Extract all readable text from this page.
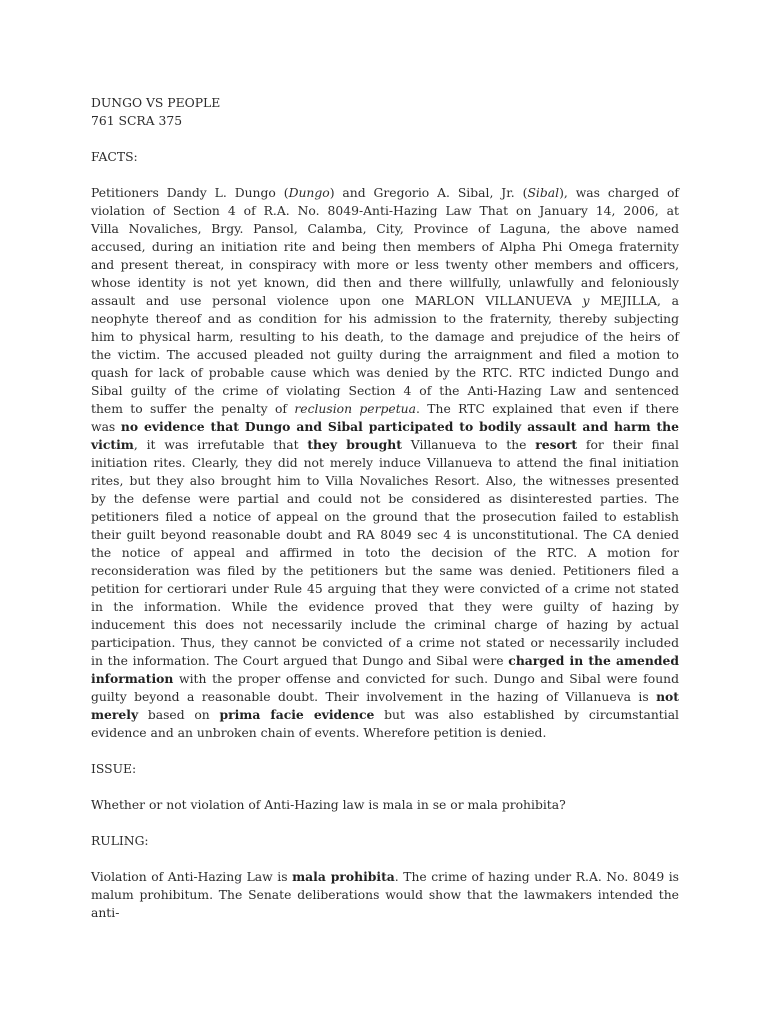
DUNGO VS PEOPLE
761 SCRA 375
FACTS:
Petitioners Dandy L. Dungo (Dungo) and Gregorio A. Sibal, Jr. (Sibal), was charged of
violation of Section 4 of R.A. No. 8049-Anti-Hazing Law That on January 14, 2006, at
Villa Novaliches, Brgy. Pansol, Calamba, City, Province of Laguna, the above named
accused, during an initiation rite and being then members of Alpha Phi Omega fraternity
and present thereat, in conspiracy with more or less twenty other members and officers,
whose identity is not yet known, did then and there willfully, unlawfully and feloniously
assault and use personal violence upon one MARLON VILLANUEVA y MEJILLA, a
neophyte thereof and as condition for his admission to the fraternity, thereby subjecting
him to physical harm, resulting to his death, to the damage and prejudice of the heirs of
the victim. The accused pleaded not guilty during the arraignment and filed a motion to
quash for lack of probable cause which was denied by the RTC. RTC indicted Dungo and
Sibal guilty of the crime of violating Section 4 of the Anti-Hazing Law and sentenced
them to suffer the penalty of reclusion perpetua. The RTC explained that even if there
was no evidence that Dungo and Sibal participated to bodily assault and harm the
victim, it was irrefutable that they brought Villanueva to the resort for their final
initiation rites. Clearly, they did not merely induce Villanueva to attend the final initiation
rites, but they also brought him to Villa Novaliches Resort. Also, the witnesses presented
by the defense were partial and could not be considered as disinterested parties. The
petitioners filed a notice of appeal on the ground that the prosecution failed to establish
their guilt beyond reasonable doubt and RA 8049 sec 4 is unconstitutional. The CA denied
the notice of appeal and affirmed in toto the decision of the RTC. A motion for
reconsideration was filed by the petitioners but the same was denied. Petitioners filed a
petition for certiorari under Rule 45 arguing that they were convicted of a crime not stated
in the information. While the evidence proved that they were guilty of hazing by
inducement this does not necessarily include the criminal charge of hazing by actual
participation. Thus, they cannot be convicted of a crime not stated or necessarily included
in the information. The Court argued that Dungo and Sibal were charged in the amended
information with the proper offense and convicted for such. Dungo and Sibal were found
guilty beyond a reasonable doubt. Their involvement in the hazing of Villanueva is not
merely based on prima facie evidence but was also established by circumstantial
evidence and an unbroken chain of events. Wherefore petition is denied.
ISSUE:
Whether or not violation of Anti-Hazing law is mala in se or mala prohibita?
RULING:
Violation of Anti-Hazing Law is mala prohibita. The crime of hazing under R.A. No. 8049 is
malum prohibitum. The Senate deliberations would show that the lawmakers intended the anti-
